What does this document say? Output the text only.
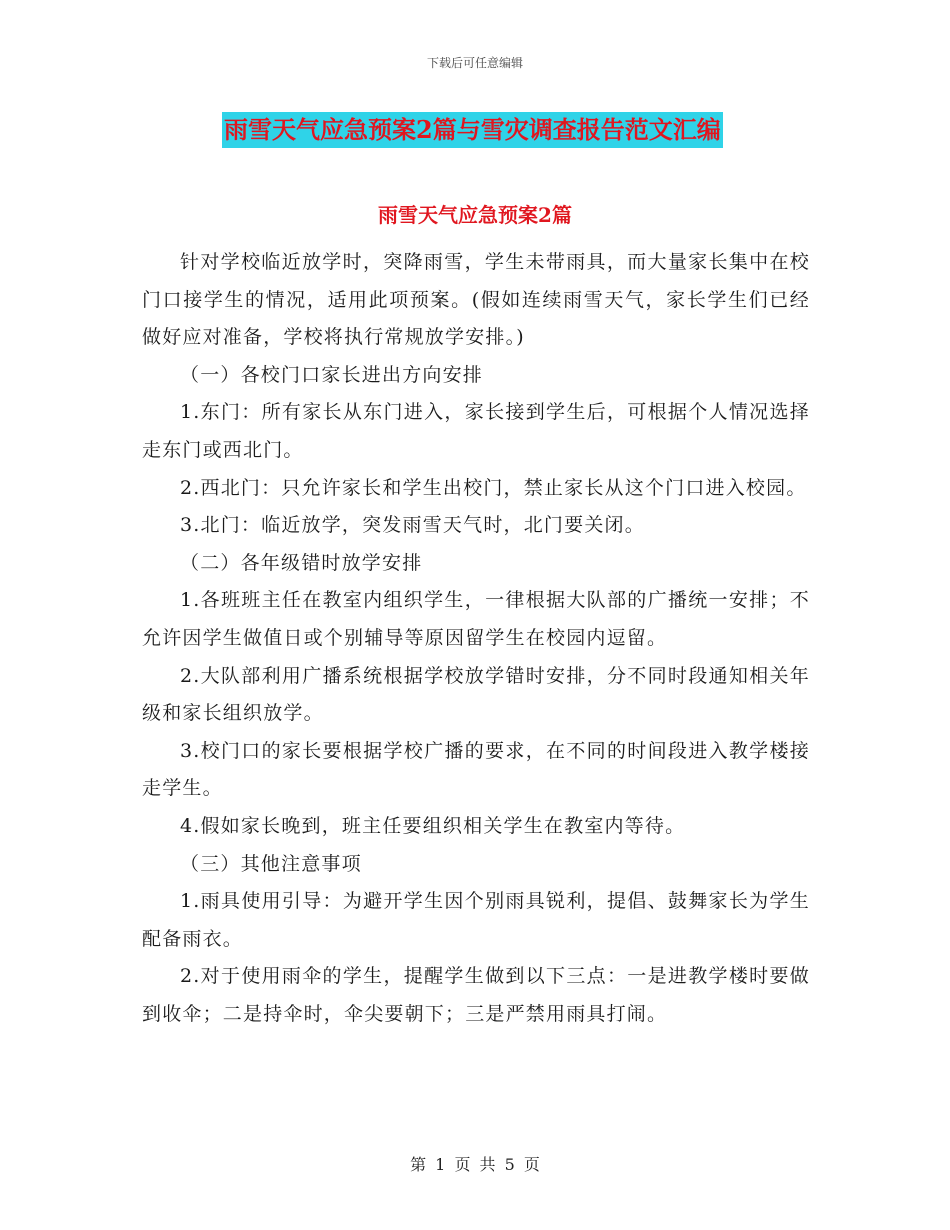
下载后可任意编辑
雨雪天气应急预案2篇与雪灾调查报告范文汇编
雨雪天气应急预案2篇

针对学校临近放学时，突降雨雪，学生未带雨具，而大量家长集中在校门口接学生的情况，适用此项预案。(假如连续雨雪天气，家长学生们已经做好应对准备，学校将执行常规放学安排。)

（一）各校门口家长进出方向安排

1.东门：所有家长从东门进入，家长接到学生后，可根据个人情况选择走东门或西北门。

2.西北门：只允许家长和学生出校门，禁止家长从这个门口进入校园。

3.北门：临近放学，突发雨雪天气时，北门要关闭。

（二）各年级错时放学安排

1.各班班主任在教室内组织学生，一律根据大队部的广播统一安排；不允许因学生做值日或个别辅导等原因留学生在校园内逗留。

2.大队部利用广播系统根据学校放学错时安排，分不同时段通知相关年级和家长组织放学。

3.校门口的家长要根据学校广播的要求，在不同的时间段进入教学楼接走学生。

4.假如家长晚到，班主任要组织相关学生在教室内等待。

（三）其他注意事项

1.雨具使用引导：为避开学生因个别雨具锐利，提倡、鼓舞家长为学生配备雨衣。

2.对于使用雨伞的学生，提醒学生做到以下三点：一是进教学楼时要做到收伞；二是持伞时，伞尖要朝下；三是严禁用雨具打闹。

第 1 页 共 5 页
